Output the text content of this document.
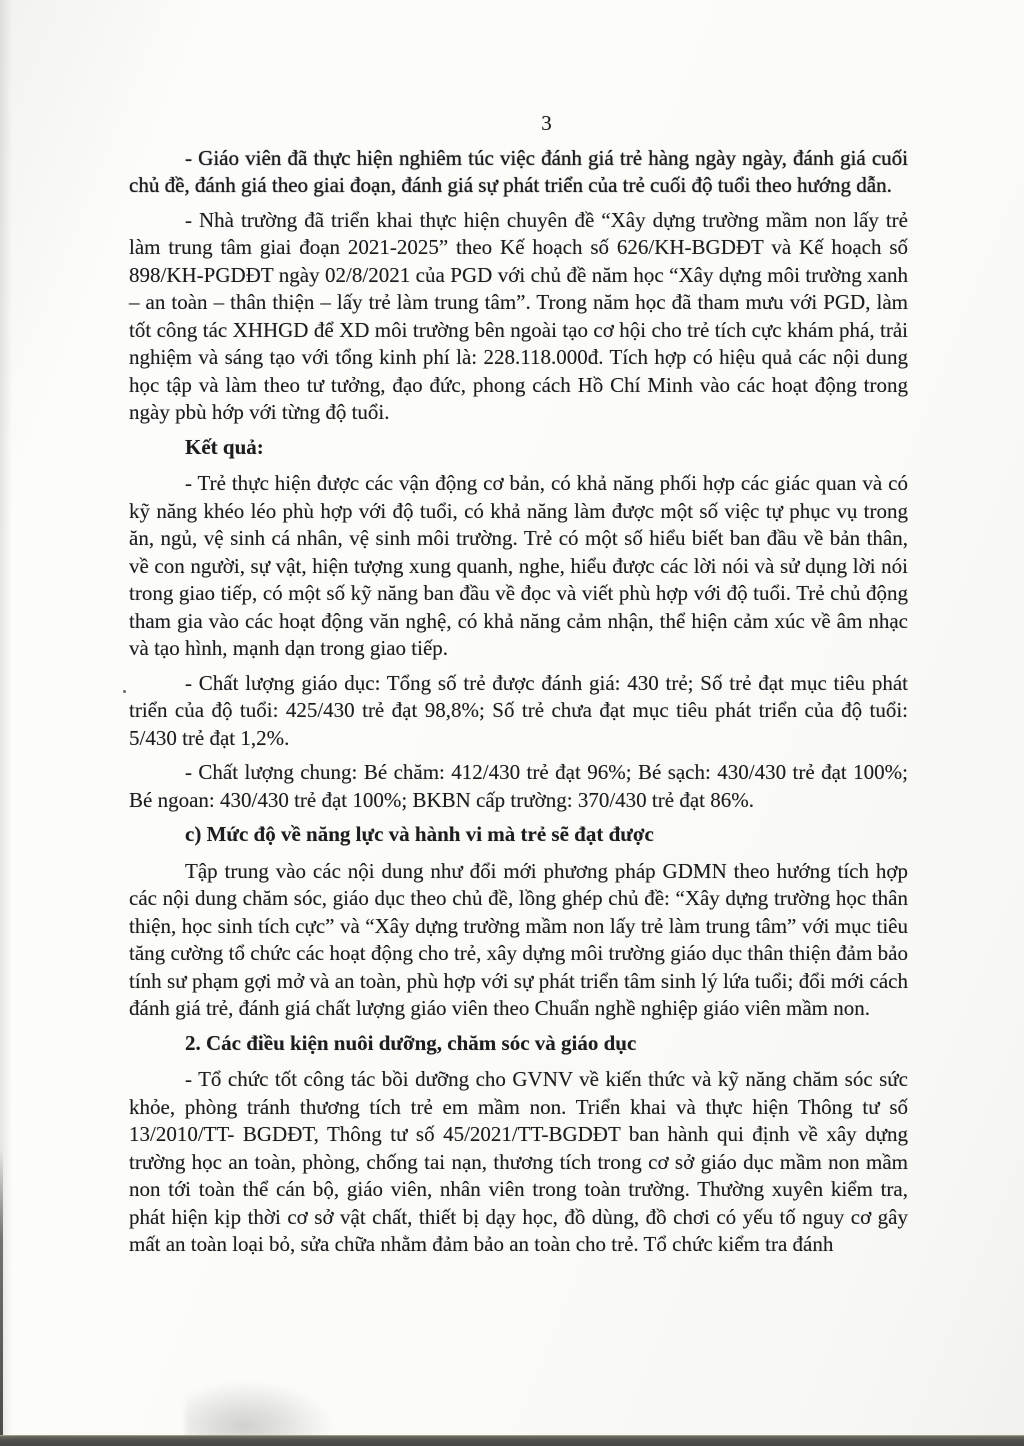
3

- Giáo viên đã thực hiện nghiêm túc việc đánh giá trẻ hàng ngày ngày, đánh giá cuối chủ đề, đánh giá theo giai đoạn, đánh giá sự phát triển của trẻ cuối độ tuổi theo hướng dẫn.

- Nhà trường đã triển khai thực hiện chuyên đề “Xây dựng trường mầm non lấy trẻ làm trung tâm giai đoạn 2021-2025” theo Kế hoạch số 626/KH-BGDĐT và Kế hoạch số 898/KH-PGDĐT ngày 02/8/2021 của PGD với chủ đề năm học “Xây dựng môi trường xanh – an toàn – thân thiện – lấy trẻ làm trung tâm”. Trong năm học đã tham mưu với PGD, làm tốt công tác XHHGD để XD môi trường bên ngoài tạo cơ hội cho trẻ tích cực khám phá, trải nghiệm và sáng tạo với tổng kinh phí là: 228.118.000đ. Tích hợp có hiệu quả các nội dung học tập và làm theo tư tưởng, đạo đức, phong cách Hồ Chí Minh vào các hoạt động trong ngày pbù hớp với từng độ tuổi.

Kết quả:

- Trẻ thực hiện được các vận động cơ bản, có khả năng phối hợp các giác quan và có kỹ năng khéo léo phù hợp với độ tuổi, có khả năng làm được một số việc tự phục vụ trong ăn, ngủ, vệ sinh cá nhân, vệ sinh môi trường. Trẻ có một số hiểu biết ban đầu về bản thân, về con người, sự vật, hiện tượng xung quanh, nghe, hiểu được các lời nói và sử dụng lời nói trong giao tiếp, có một số kỹ năng ban đầu về đọc và viết phù hợp với độ tuổi. Trẻ chủ động tham gia vào các hoạt động văn nghệ, có khả năng cảm nhận, thể hiện cảm xúc về âm nhạc và tạo hình, mạnh dạn trong giao tiếp.

- Chất lượng giáo dục: Tổng số trẻ được đánh giá: 430 trẻ; Số trẻ đạt mục tiêu phát triển của độ tuổi: 425/430 trẻ đạt 98,8%; Số trẻ chưa đạt mục tiêu phát triển của độ tuổi: 5/430 trẻ đạt 1,2%.

- Chất lượng chung: Bé chăm: 412/430 trẻ đạt 96%; Bé sạch: 430/430 trẻ đạt 100%; Bé ngoan: 430/430 trẻ đạt 100%; BKBN cấp trường: 370/430 trẻ đạt 86%.

c) Mức độ về năng lực và hành vi mà trẻ sẽ đạt được

Tập trung vào các nội dung như đổi mới phương pháp GDMN theo hướng tích hợp các nội dung chăm sóc, giáo dục theo chủ đề, lồng ghép chủ đề: “Xây dựng trường học thân thiện, học sinh tích cực” và “Xây dựng trường mầm non lấy trẻ làm trung tâm” với mục tiêu tăng cường tổ chức các hoạt động cho trẻ, xây dựng môi trường giáo dục thân thiện đảm bảo tính sư phạm gợi mở và an toàn, phù hợp với sự phát triển tâm sinh lý lứa tuổi; đổi mới cách đánh giá trẻ, đánh giá chất lượng giáo viên theo Chuẩn nghề nghiệp giáo viên mầm non.

2. Các điều kiện nuôi dưỡng, chăm sóc và giáo dục

- Tổ chức tốt công tác bồi dưỡng cho GVNV về kiến thức và kỹ năng chăm sóc sức khỏe, phòng tránh thương tích trẻ em mầm non. Triển khai và thực hiện Thông tư số 13/2010/TT- BGDĐT, Thông tư số 45/2021/TT-BGDĐT ban hành qui định về xây dựng trường học an toàn, phòng, chống tai nạn, thương tích trong cơ sở giáo dục mầm non mầm non tới toàn thể cán bộ, giáo viên, nhân viên trong toàn trường. Thường xuyên kiểm tra, phát hiện kịp thời cơ sở vật chất, thiết bị dạy học, đồ dùng, đồ chơi có yếu tố nguy cơ gây mất an toàn loại bỏ, sửa chữa nhằm đảm bảo an toàn cho trẻ. Tổ chức kiểm tra đánh
